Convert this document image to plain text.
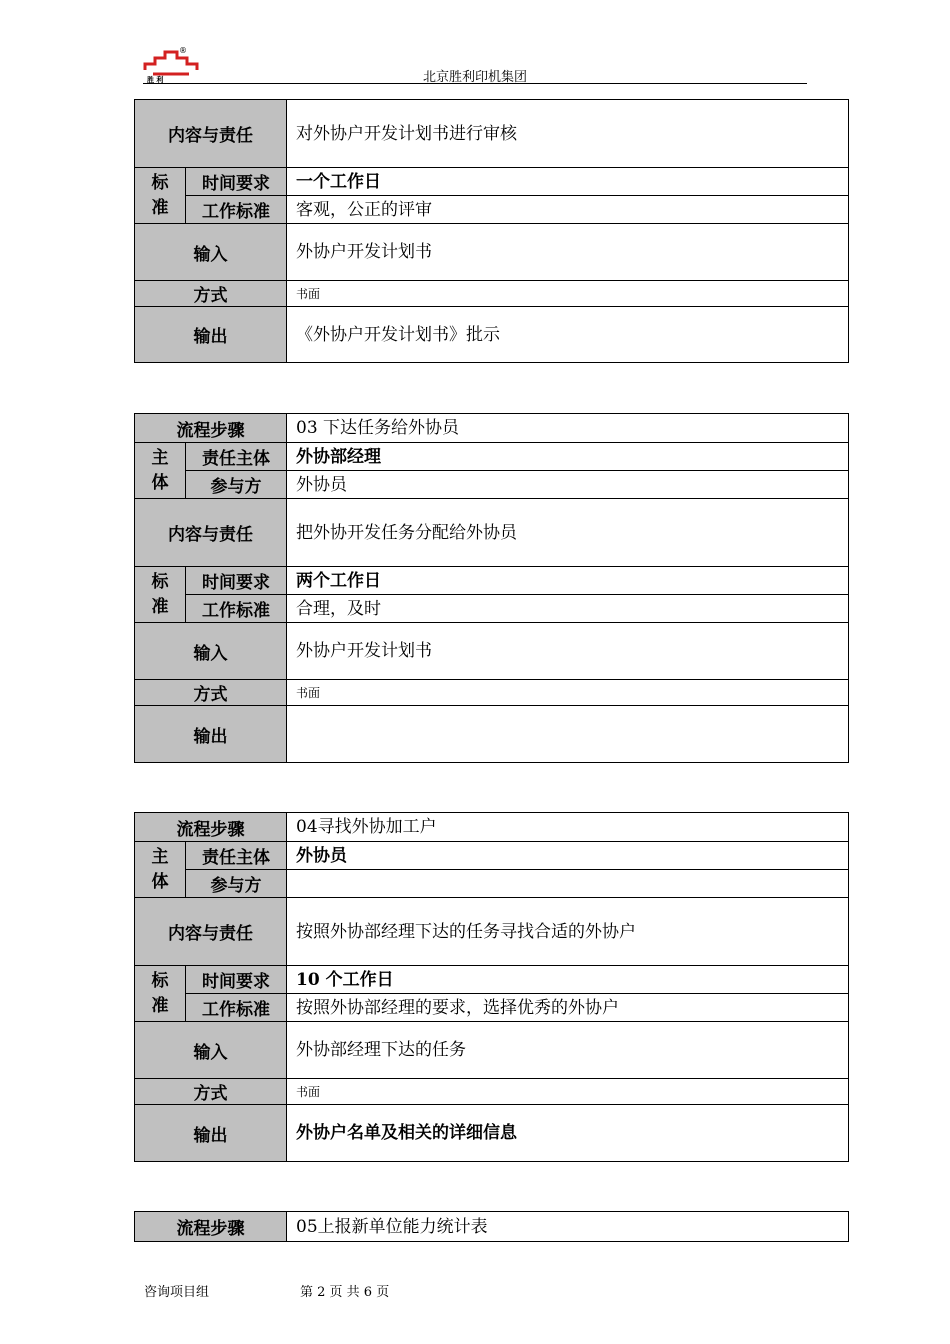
胜 利
®
北京胜利印机集团
内容与责任		对外协户开发计划书进行审核
标
准	时间要求	一个工作日
	工作标准	客观，公正的评审
输入		外协户开发计划书
方式		书面
输出		《外协户开发计划书》批示
流程步骤		03 下达任务给外协员
主
体	责任主体	外协部经理
	参与方	外协员
内容与责任		把外协开发任务分配给外协员
标
准	时间要求	两个工作日
	工作标准	合理，及时
输入		外协户开发计划书
方式		书面
输出		
流程步骤		04寻找外协加工户
主
体	责任主体	外协员
	参与方	
内容与责任		按照外协部经理下达的任务寻找合适的外协户
标
准	时间要求	10 个工作日
	工作标准	按照外协部经理的要求，选择优秀的外协户
输入		外协部经理下达的任务
方式		书面
输出		外协户名单及相关的详细信息
流程步骤	05上报新单位能力统计表
咨询项目组	第 2 页 共 6 页
